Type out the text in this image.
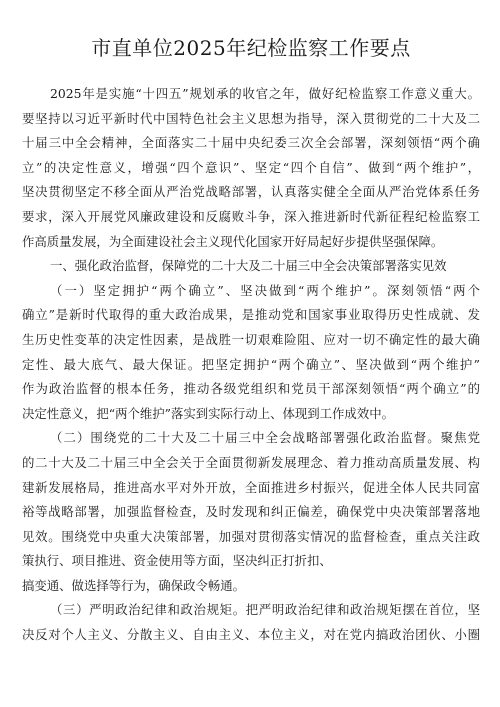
市直单位2025年纪检监察工作要点
2025年是实施“十四五”规划承的收官之年，做好纪检监察工作意义重大。
要坚持以习近平新时代中国特色社会主义思想为指导，深入贯彻党的二十大及二
十届三中全会精神，全面落实二十届中央纪委三次全会部署，深刻领悟“两个确
立”的决定性意义，增强“四个意识”、坚定“四个自信”、做到“两个维护”，
坚决贯彻坚定不移全面从严治党战略部署，认真落实健全全面从严治党体系任务
要求，深入开展党风廉政建设和反腐败斗争，深入推进新时代新征程纪检监察工
作高质量发展，为全面建设社会主义现代化国家开好局起好步提供坚强保障。
一、强化政治监督，保障党的二十大及二十届三中全会决策部署落实见效
（一）坚定拥护“两个确立”、坚决做到“两个维护”。深刻领悟“两个
确立”是新时代取得的重大政治成果，是推动党和国家事业取得历史性成就、发
生历史性变革的决定性因素，是战胜一切艰难险阻、应对一切不确定性的最大确
定性、最大底气、最大保证。把坚定拥护“两个确立”、坚决做到“两个维护”
作为政治监督的根本任务，推动各级党组织和党员干部深刻领悟“两个确立”的
决定性意义，把“两个维护”落实到实际行动上、体现到工作成效中。
（二）围绕党的二十大及二十届三中全会战略部署强化政治监督。聚焦党
的二十大及二十届三中全会关于全面贯彻新发展理念、着力推动高质量发展、构
建新发展格局，推进高水平对外开放，全面推进乡村振兴，促进全体人民共同富
裕等战略部署，加强监督检查，及时发现和纠正偏差，确保党中央决策部署落地
见效。围绕党中央重大决策部署，加强对贯彻落实情况的监督检查，重点关注政
策执行、项目推进、资金使用等方面，坚决纠正打折扣、
搞变通、做选择等行为，确保政令畅通。
（三）严明政治纪律和政治规矩。把严明政治纪律和政治规矩摆在首位，坚
决反对个人主义、分散主义、自由主义、本位主义，对在党内搞政治团伙、小圈
